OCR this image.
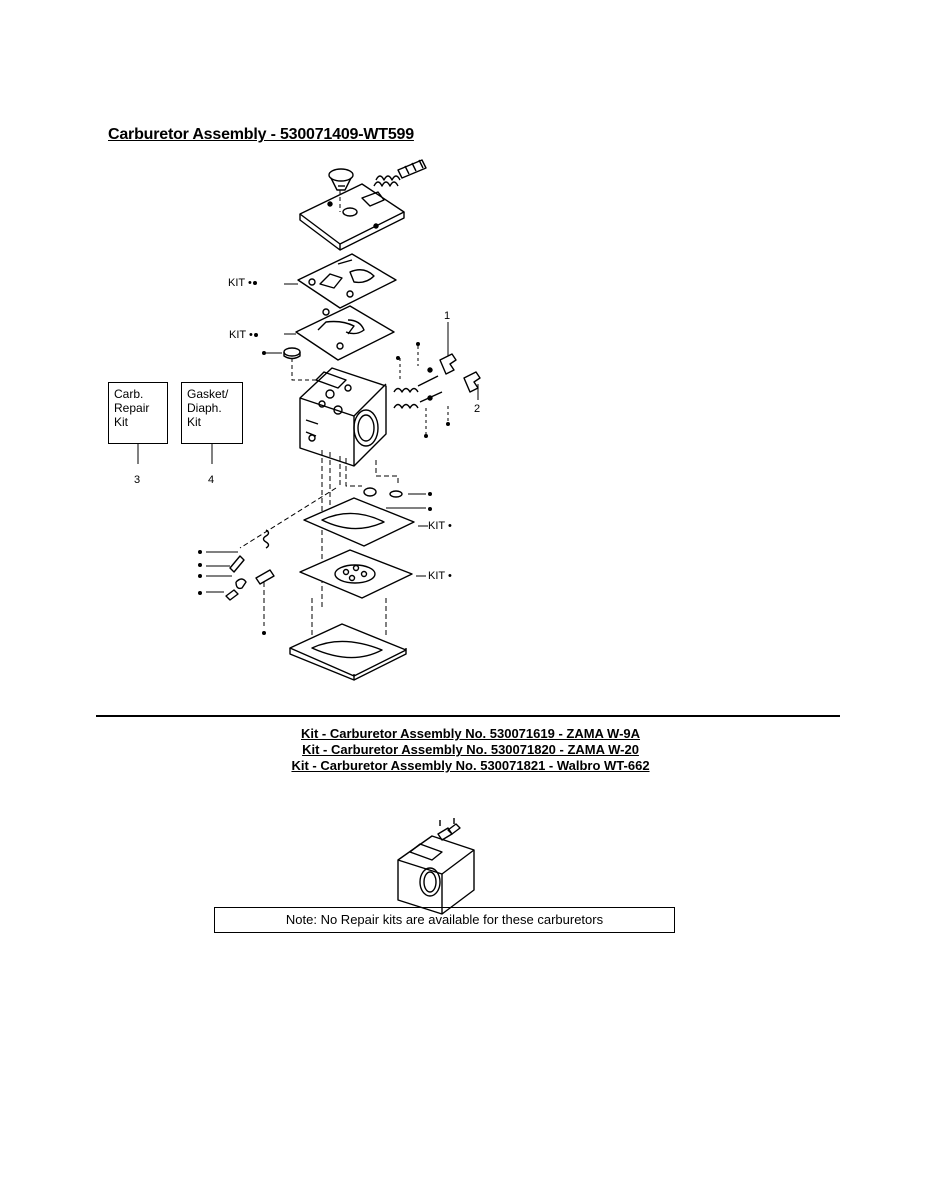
Carburetor Assembly - 530071409-WT599
KIT •
KIT •
KIT •
KIT •
1
2
Carb.
Repair
Kit
3
Gasket/
Diaph.
Kit
4
Kit - Carburetor Assembly No. 530071619 - ZAMA W-9A
Kit - Carburetor Assembly No. 530071820 - ZAMA W-20
Kit - Carburetor Assembly No. 530071821 - Walbro WT-662
Note: No Repair kits are available for these carburetors
